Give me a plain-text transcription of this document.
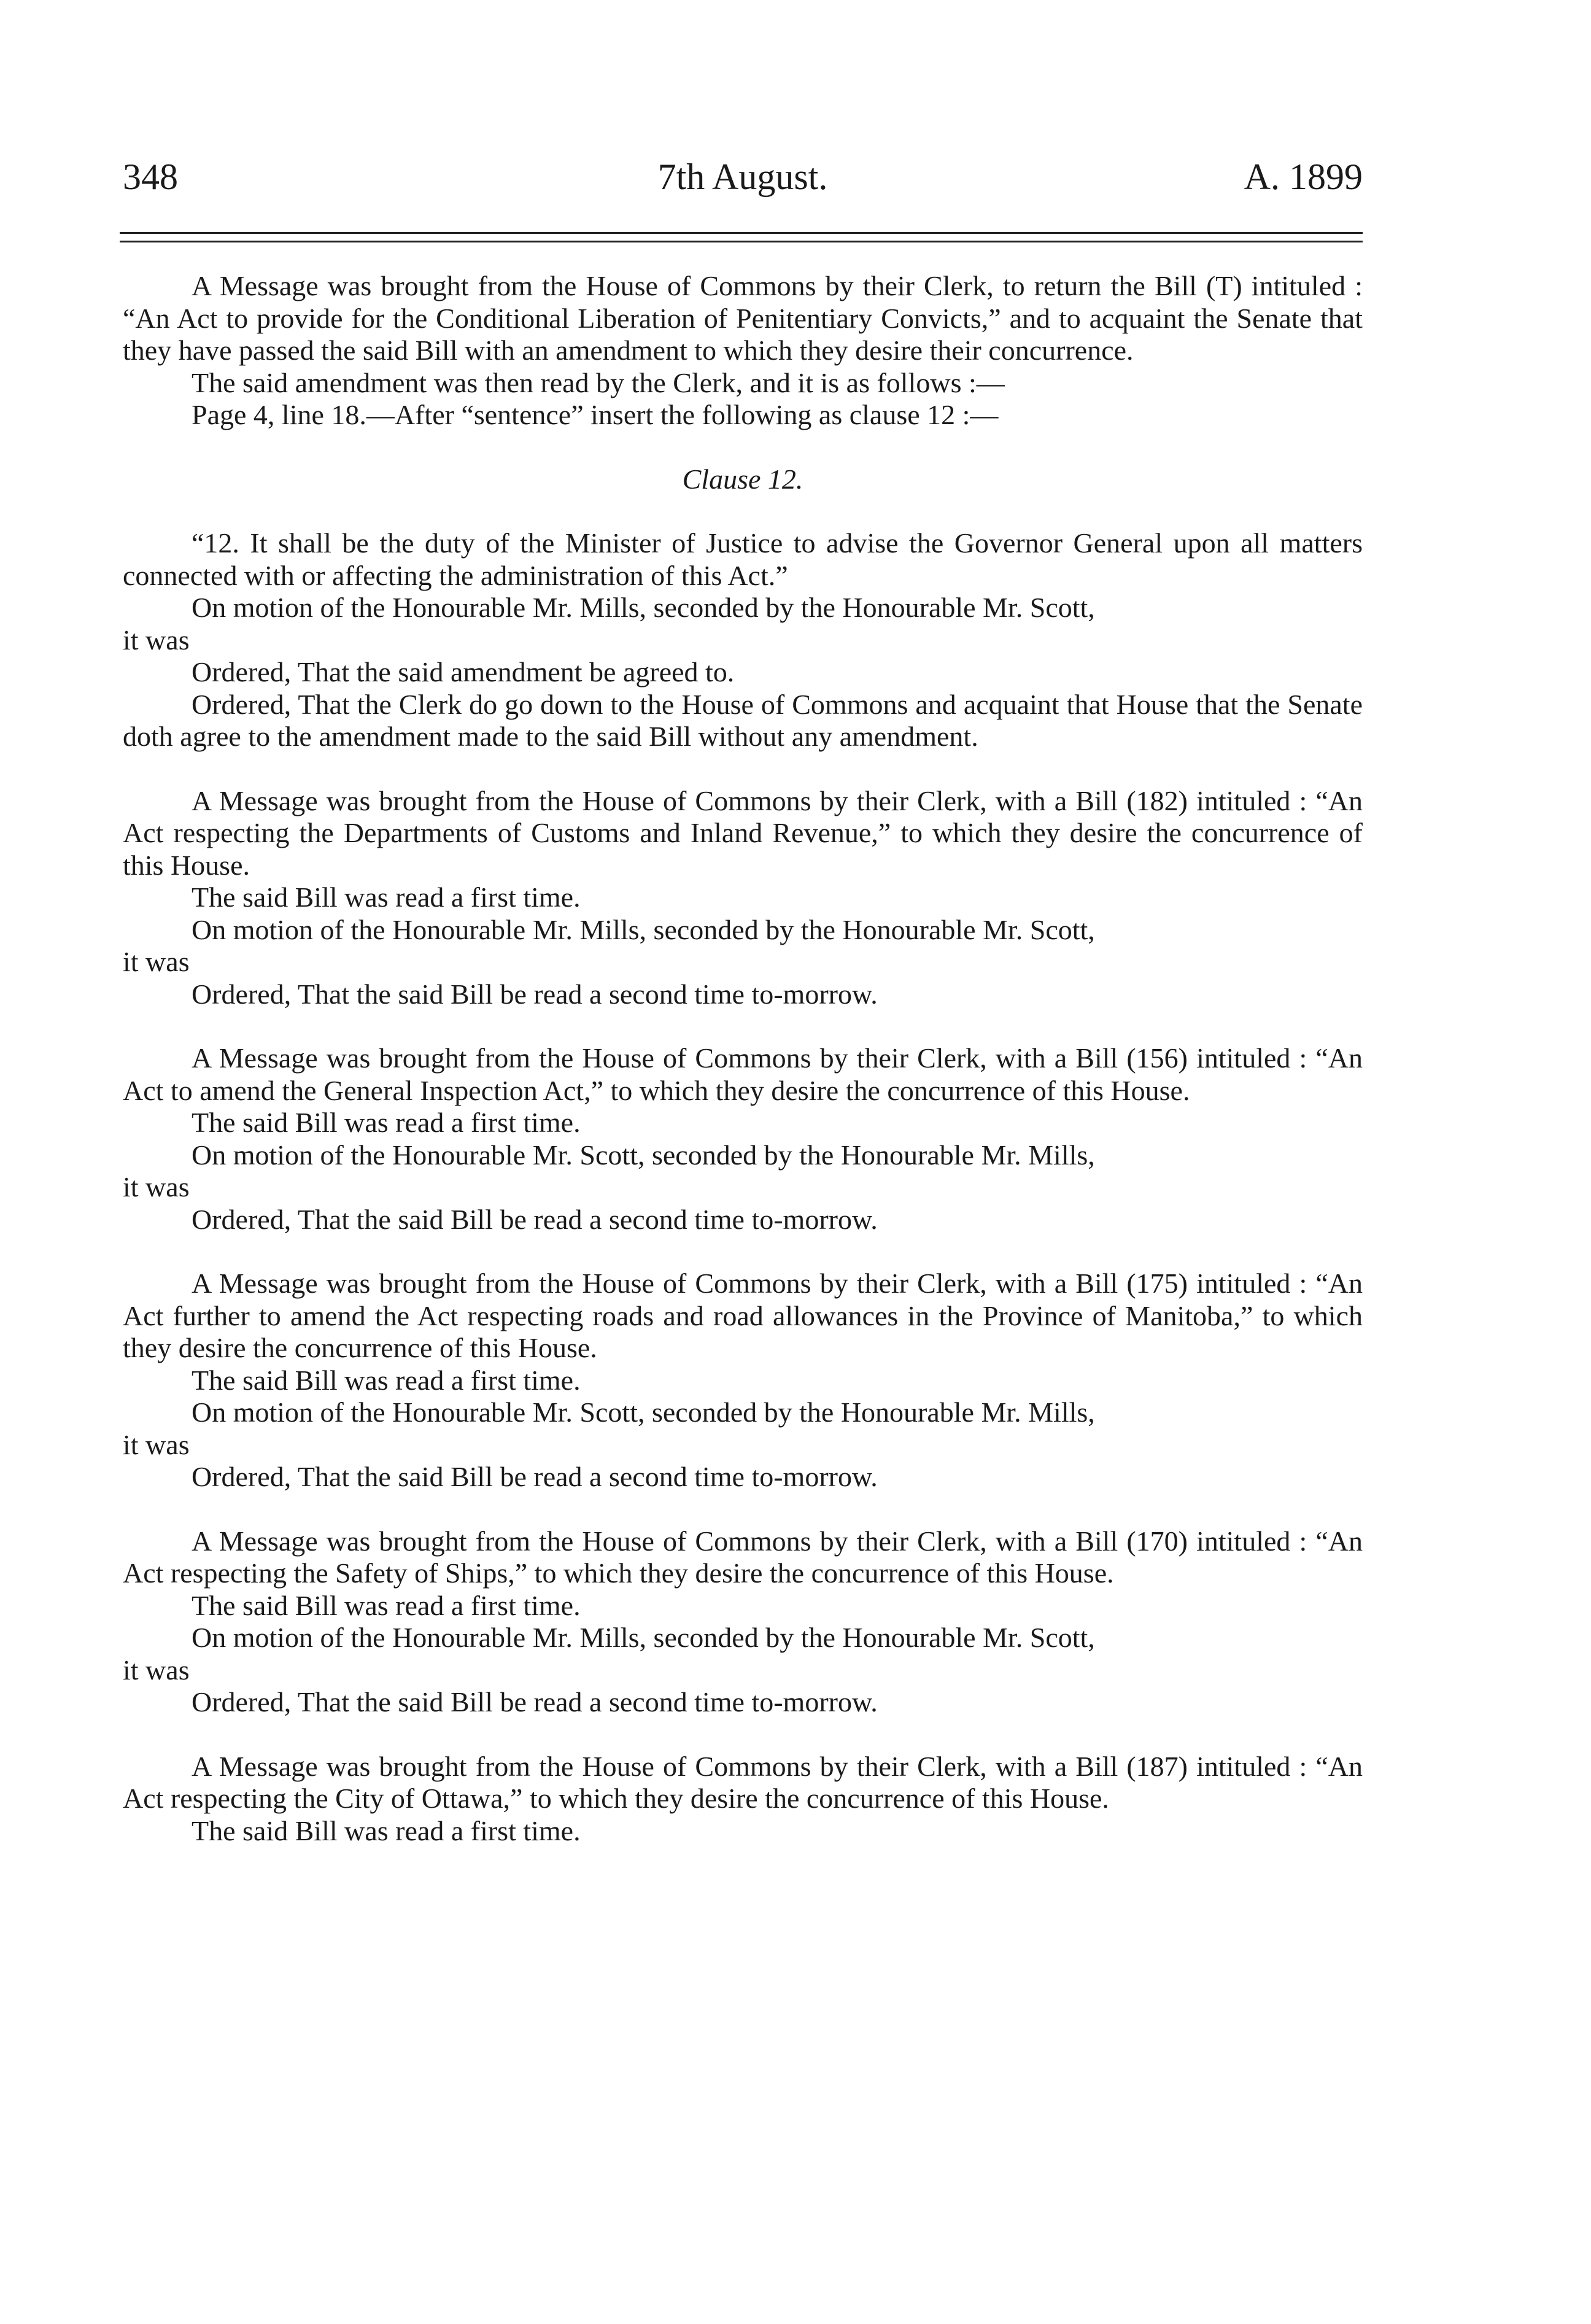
348	7th August.	A. 1899

A Message was brought from the House of Commons by their Clerk, to return the Bill (T) intituled : “An Act to provide for the Conditional Liberation of Penitentiary Convicts,” and to acquaint the Senate that they have passed the said Bill with an amendment to which they desire their concurrence.

The said amendment was then read by the Clerk, and it is as follows :—

Page 4, line 18.—After “sentence” insert the following as clause 12 :—

Clause 12.

“12. It shall be the duty of the Minister of Justice to advise the Governor General upon all matters connected with or affecting the administration of this Act.”

On motion of the Honourable Mr. Mills, seconded by the Honourable Mr. Scott,

it was

Ordered, That the said amendment be agreed to.

Ordered, That the Clerk do go down to the House of Commons and acquaint that House that the Senate doth agree to the amendment made to the said Bill without any amendment.

A Message was brought from the House of Commons by their Clerk, with a Bill (182) intituled : “An Act respecting the Departments of Customs and Inland Revenue,” to which they desire the concurrence of this House.

The said Bill was read a first time.

On motion of the Honourable Mr. Mills, seconded by the Honourable Mr. Scott,

it was

Ordered, That the said Bill be read a second time to-morrow.

A Message was brought from the House of Commons by their Clerk, with a Bill (156) intituled : “An Act to amend the General Inspection Act,” to which they desire the concurrence of this House.

The said Bill was read a first time.

On motion of the Honourable Mr. Scott, seconded by the Honourable Mr. Mills,

it was

Ordered, That the said Bill be read a second time to-morrow.

A Message was brought from the House of Commons by their Clerk, with a Bill (175) intituled : “An Act further to amend the Act respecting roads and road allowances in the Province of Manitoba,” to which they desire the concurrence of this House.

The said Bill was read a first time.

On motion of the Honourable Mr. Scott, seconded by the Honourable Mr. Mills,

it was

Ordered, That the said Bill be read a second time to-morrow.

A Message was brought from the House of Commons by their Clerk, with a Bill (170) intituled : “An Act respecting the Safety of Ships,” to which they desire the concurrence of this House.

The said Bill was read a first time.

On motion of the Honourable Mr. Mills, seconded by the Honourable Mr. Scott,

it was

Ordered, That the said Bill be read a second time to-morrow.

A Message was brought from the House of Commons by their Clerk, with a Bill (187) intituled : “An Act respecting the City of Ottawa,” to which they desire the concurrence of this House.

The said Bill was read a first time.
